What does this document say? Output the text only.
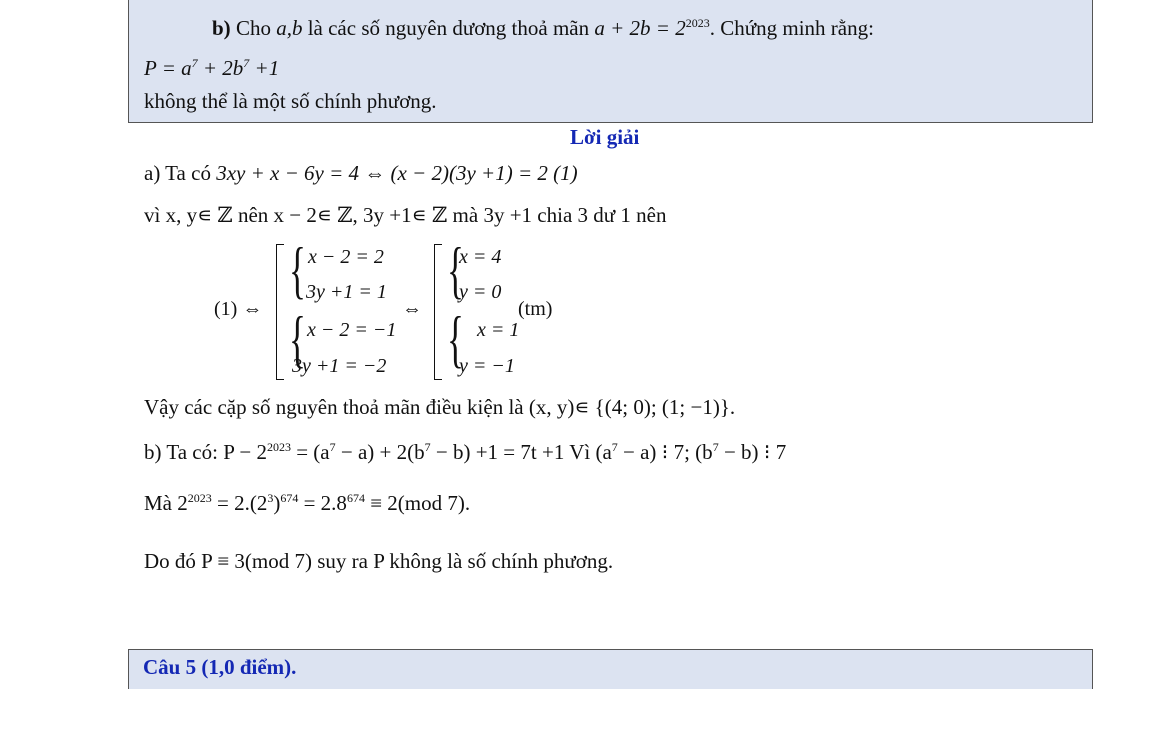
b) Cho a,b là các số nguyên dương thoả mãn $a + 2b = 2^{2023}$. Chứng minh rằng:
$P = a^7 + 2b^7 +1$
không thể là một số chính phương.
Lời giải
a) Ta có 3xy + x − 6y = 4 ⇔ (x − 2)(3y +1) = 2 (1)
vì x, y∊ ℤ nên x − 2∊ ℤ, 3y +1∊ ℤ mà 3y +1 chia 3 dư 1 nên
(1) ⇔
{
{
x − 2 = 2
3y +1 = 1
x − 2 = −1
3y +1 = −2
⇔
{
{
x = 4
y = 0
x = 1
y = −1
(tm)
Vậy các cặp số nguyên thoả mãn điều kiện là (x, y)∊ {(4; 0); (1; −1)}.
b) Ta có: $P - 2^{2023} = (a^7 - a) + 2(b^7 - b) +1 = 7t +1$ Vì $(a^7 - a)$ ⁝ 7; $(b^7 - b)$ ⁝ 7
Mà $2^{2023} = 2.(2^3)^{674} = 2.8^{674} \equiv 2(mod$ 7).
Do đó P ≡ 3(mod 7) suy ra P không là số chính phương.
Câu 5 (1,0 điểm).
